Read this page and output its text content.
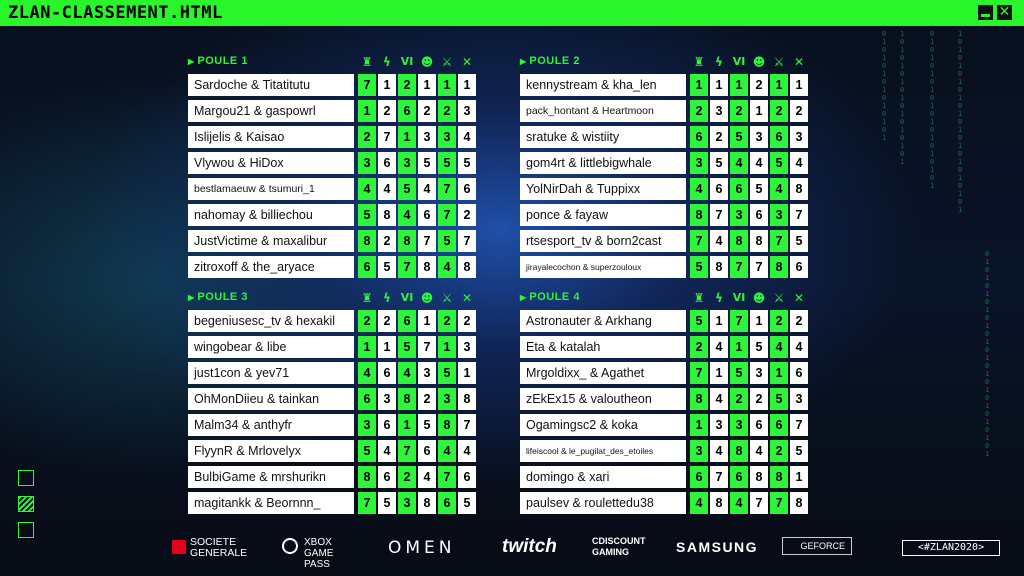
ZLAN-CLASSEMENT.HTML	✕
01010101010101
10101010101010101
01010101010101010101
10101010101010101010101
01010101010101010101010101
▶ POULE 1	♜ ϟ VI ☻ ⚔ ✕
Sardoche & Titatitutu	7	1	2	1	1	1
Margou21 & gaspowrl	1	2	6	2	2	3
Islijelis & Kaisao	2	7	1	3	3	4
Vlywou & HiDox	3	6	3	5	5	5
bestlamaeuw & tsumuri_1	4	4	5	4	7	6
nahomay & billiechou	5	8	4	6	7	2
JustVictime & maxalibur	8	2	8	7	5	7
zitroxoff & the_aryace	6	5	7	8	4	8
▶ POULE 2	♜ ϟ VI ☻ ⚔ ✕
kennystream & kha_len	1	1	1	2	1	1
pack_hontant & Heartmoon	2	3	2	1	2	2
sratuke & wistiity	6	2	5	3	6	3
gom4rt & littlebigwhale	3	5	4	4	5	4
YolNirDah & Tuppixx	4	6	6	5	4	8
ponce & fayaw	8	7	3	6	3	7
rtsesport_tv & born2cast	7	4	8	8	7	5
jirayalecochon & superzouloux	5	8	7	7	8	6
▶ POULE 3	♜ ϟ VI ☻ ⚔ ✕
begeniusesc_tv & hexakil	2	2	6	1	2	2
wingobear & libe	1	1	5	7	1	3
just1con & yev71	4	6	4	3	5	1
OhMonDiieu & tainkan	6	3	8	2	3	8
Malm34 & anthyfr	3	6	1	5	8	7
FlyynR & Mrlovelyx	5	4	7	6	4	4
BulbiGame & mrshurikn	8	6	2	4	7	6
magitankk & Beornnn_	7	5	3	8	6	5
▶ POULE 4	♜ ϟ VI ☻ ⚔ ✕
Astronauter & Arkhang	5	1	7	1	2	2
Eta & katalah	2	4	1	5	4	4
Mrgoldixx_ & Agathet	7	1	5	3	1	6
zEkEx15 & valoutheon	8	4	2	2	5	3
Ogamingsc2 & koka	1	3	3	6	6	7
lifeiscool & le_pugilat_des_etoiles	3	4	8	4	2	5
domingo & xari	6	7	6	8	8	1
paulsev & roulettedu38	4	8	4	7	7	8
SOCIETE GENERALE
XBOX GAME PASS
OMEN twitch	CDISCOUNT GAMING	SAMSUNG	GEFORCE	<#ZLAN2020>
